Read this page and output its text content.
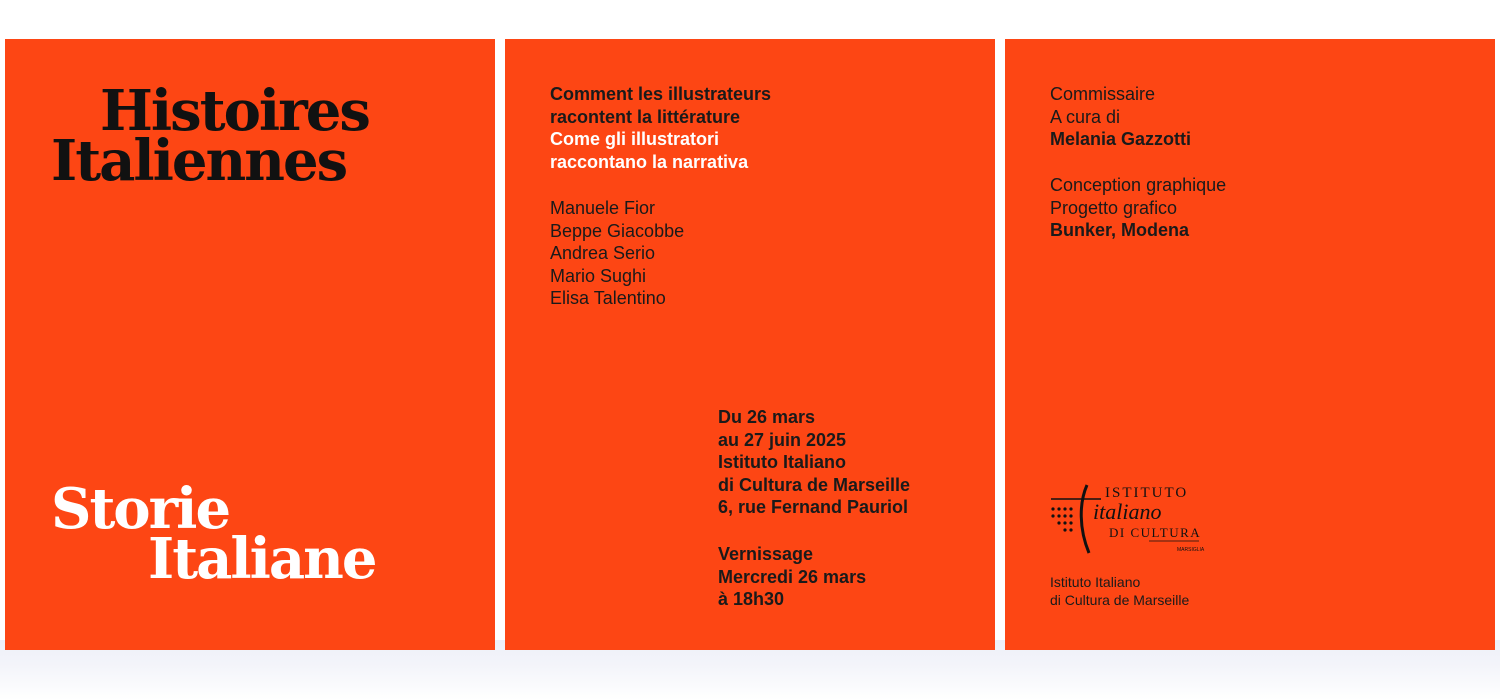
Histoires
Italiennes
Storie
Italiane
Comment les illustrateurs
racontent la littérature
Come gli illustratori
raccontano la narrativa
Manuele Fior
Beppe Giacobbe
Andrea Serio
Mario Sughi
Elisa Talentino
Du 26 mars
au 27 juin 2025
Istituto Italiano
di Cultura de Marseille
6, rue Fernand Pauriol
Vernissage
Mercredi 26 mars
à 18h30
Commissaire
A cura di
Melania Gazzotti
Conception graphique
Progetto grafico
Bunker, Modena
ISTITUTO
italiano
DI CULTURA
MARSIGLIA
Istituto Italiano
di Cultura de Marseille
